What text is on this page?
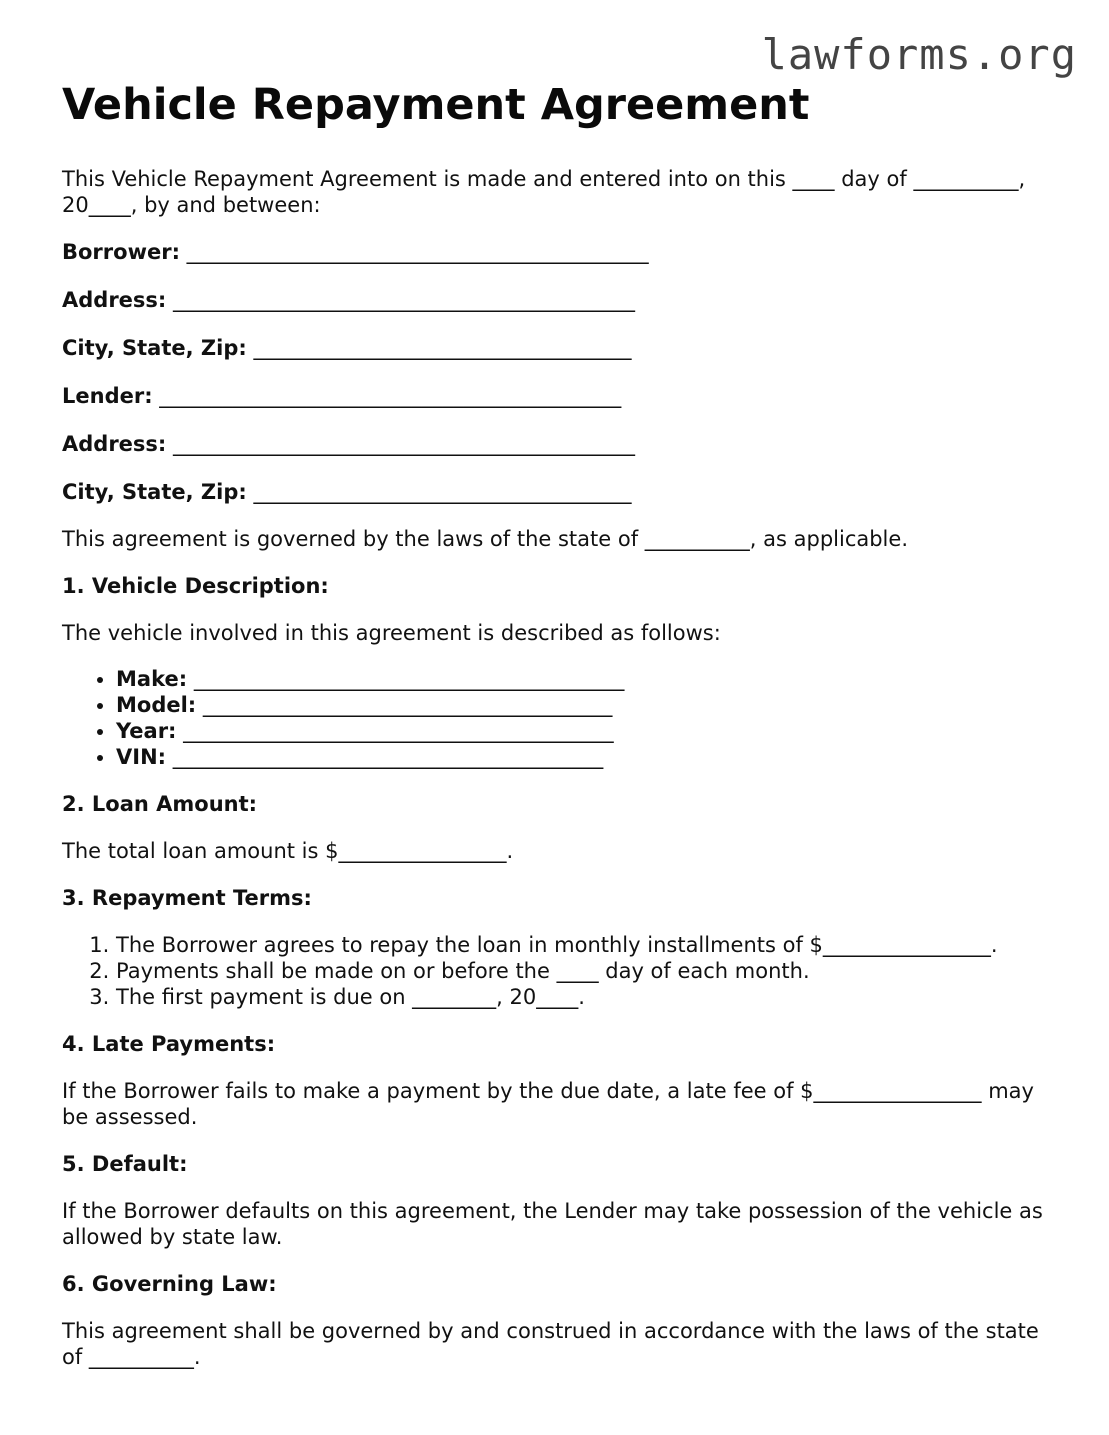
lawforms.org
Vehicle Repayment Agreement

This Vehicle Repayment Agreement is made and entered into on this ____ day of __________, 20____, by and between:

Borrower: ____________________________________________
Address: ____________________________________________
City, State, Zip: ____________________________________
Lender: ____________________________________________
Address: ____________________________________________
City, State, Zip: ____________________________________

This agreement is governed by the laws of the state of __________, as applicable.

1. Vehicle Description:

The vehicle involved in this agreement is described as follows:

• Make: _________________________________________
• Model: _______________________________________
• Year: _________________________________________
• VIN: _________________________________________
2. Loan Amount:

The total loan amount is $________________.

3. Repayment Terms:
1. The Borrower agrees to repay the loan in monthly installments of $________________.
2. Payments shall be made on or before the ____ day of each month.
3. The first payment is due on ________, 20____.
4. Late Payments:

If the Borrower fails to make a payment by the due date, a late fee of $________________ may be assessed.

5. Default:

If the Borrower defaults on this agreement, the Lender may take possession of the vehicle as allowed by state law.

6. Governing Law:

This agreement shall be governed by and construed in accordance with the laws of the state of __________.
